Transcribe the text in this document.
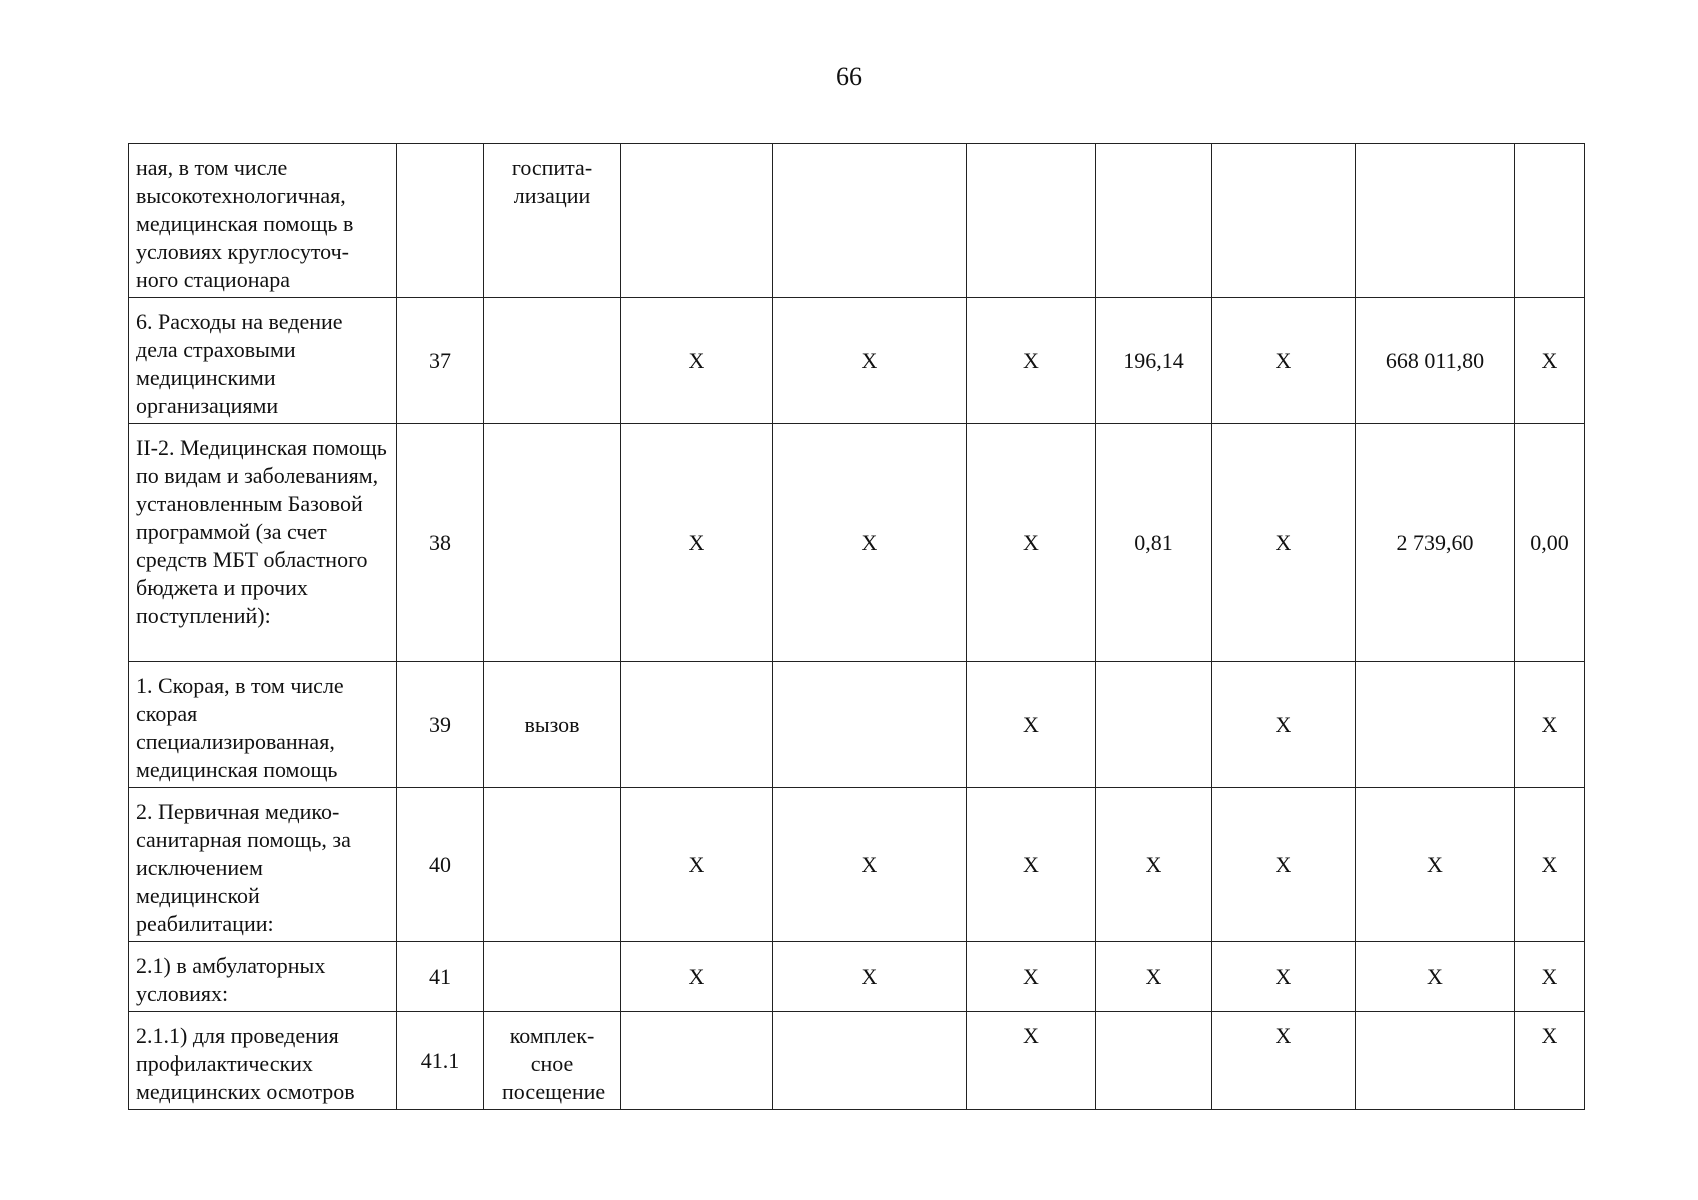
66
ная, в том числе высокотехнологичная, медицинская помощь в условиях круглосуточ-ного стационара		госпита-лизации							

6. Расходы на ведение дела страховыми медицинскими организациями	37		X	X	X	196,14	X	668 011,80	X

II-2. Медицинская помощь по видам и заболеваниям, установленным Базовой программой (за счет средств МБТ областного бюджета и прочих поступлений):	38		X	X	X	0,81	X	2 739,60	0,00

1. Скорая, в том числе скорая специализированная, медицинская помощь	39	вызов			X		X		X

2. Первичная медико-санитарная помощь, за исключением медицинской реабилитации:	40		X	X	X	X	X	X	X

2.1) в амбулаторных условиях:	41		X	X	X	X	X	X	X

2.1.1) для проведения профилактических медицинских осмотров	41.1	комплек-сное посещение			X		X		X
